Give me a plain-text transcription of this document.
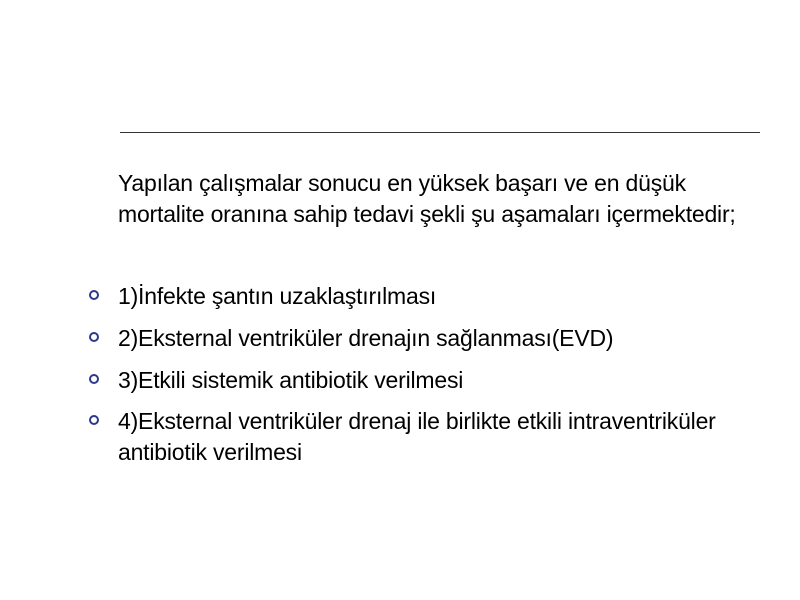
Yapılan çalışmalar sonucu en yüksek başarı ve en düşük mortalite oranına sahip tedavi şekli şu aşamaları içermektedir;

1)İnfekte şantın uzaklaştırılması
2)Eksternal ventriküler drenajın sağlanması(EVD)
3)Etkili sistemik antibiotik verilmesi
4)Eksternal ventriküler drenaj ile birlikte etkili intraventriküler antibiotik verilmesi
